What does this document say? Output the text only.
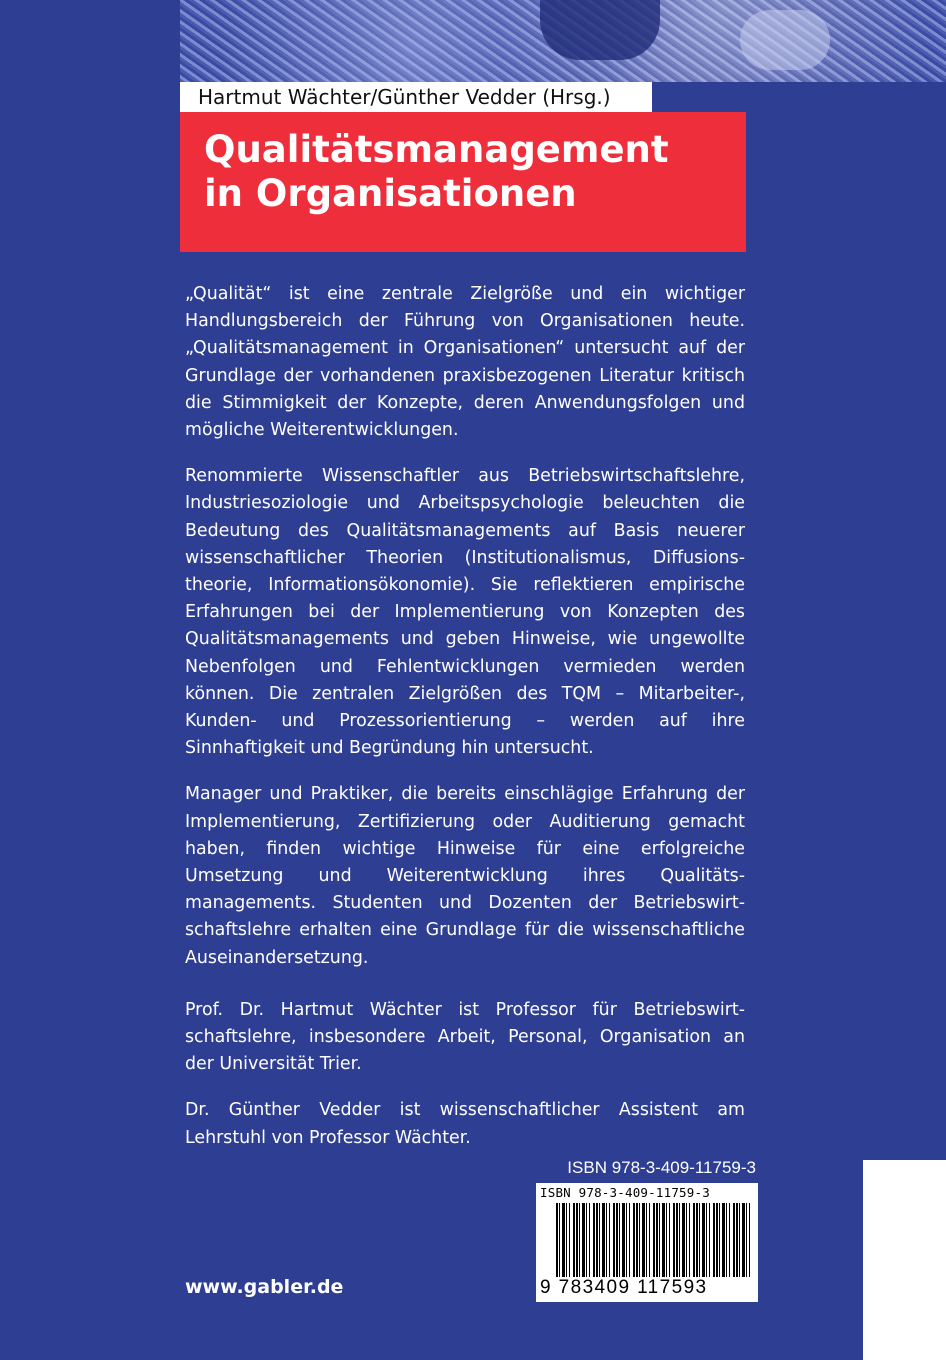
Hartmut Wächter/Günther Vedder (Hrsg.)
Qualitätsmanagement
in Organisationen

„Qualität“ ist eine zentrale Zielgröße und ein wichtiger Handlungsbereich der Führung von Organisationen heute. „Qualitätsmanagement in Organisationen“ untersucht auf der Grundlage der vorhandenen praxisbezogenen Literatur kritisch die Stimmigkeit der Konzepte, deren Anwendungsfolgen und mögliche Weiterentwicklungen.

Renommierte Wissenschaftler aus Betriebswirtschaftslehre, Industriesoziologie und Arbeitspsychologie beleuchten die Bedeutung des Qualitätsmanagements auf Basis neuerer wissenschaftlicher Theorien (Institutionalismus, Diffusionstheorie, Informationsökonomie). Sie reflektieren empirische Erfahrungen bei der Implementierung von Konzepten des Qualitätsmanagements und geben Hinweise, wie ungewollte Nebenfolgen und Fehlentwicklungen vermieden werden können. Die zentralen Zielgrößen des TQM – Mitarbeiter-, Kunden- und Prozessorientierung – werden auf ihre Sinnhaftigkeit und Begründung hin untersucht.

Manager und Praktiker, die bereits einschlägige Erfahrung der Implementierung, Zertifizierung oder Auditierung gemacht haben, finden wichtige Hinweise für eine erfolgreiche Umsetzung und Weiterentwicklung ihres Qualitätsmanagements. Studenten und Dozenten der Betriebswirtschaftslehre erhalten eine Grundlage für die wissenschaftliche Auseinandersetzung.

Prof. Dr. Hartmut Wächter ist Professor für Betriebswirtschaftslehre, insbesondere Arbeit, Personal, Organisation an der Universität Trier.

Dr. Günther Vedder ist wissenschaftlicher Assistent am Lehrstuhl von Professor Wächter.

ISBN 978-3-409-11759-3
ISBN 978-3-409-11759-3
9 783409 117593
www.gabler.de
